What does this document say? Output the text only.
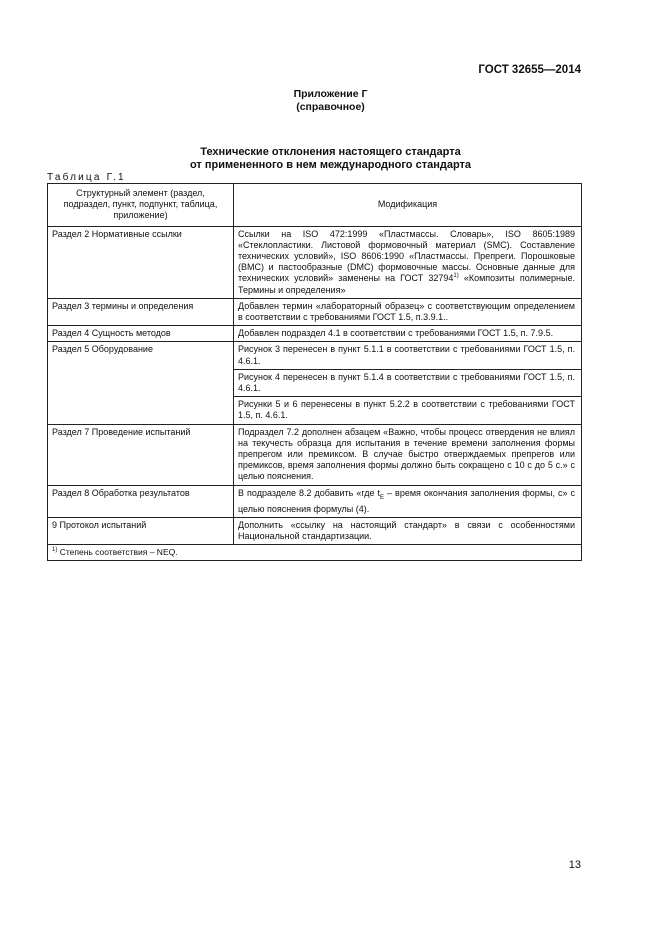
ГОСТ 32655—2014
Приложение Г
(справочное)
Технические отклонения настоящего стандарта
от примененного в нем международного стандарта
Таблица Г.1
Структурный элемент (раздел, подраздел, пункт, подпункт, таблица, приложение)	Модификация
Раздел 2 Нормативные ссылки	Ссылки на ISO 472:1999 «Пластмассы. Словарь», ISO 8605:1989 «Стеклопластики. Листовой формовочный материал (SMC). Составление технических условий», ISO 8606:1990 «Пластмассы. Препреги. Порошковые (BMC) и пастообразные (DMC) формовочные массы. Основные данные для технических условий» заменены на ГОСТ 32794$^{1)}$ «Композиты полимерные. Термины и определения»
Раздел 3 термины и определения	Добавлен термин «лабораторный образец» с соответствующим определением в соответствии с требованиями ГОСТ 1.5, п.3.9.1..
Раздел 4 Сущность методов	Добавлен подраздел 4.1 в соответствии с требованиями ГОСТ 1.5, п. 7.9.5.
Раздел 5 Оборудование	Рисунок 3 перенесен в пункт 5.1.1 в соответствии с требованиями ГОСТ 1.5, п. 4.6.1.
	Рисунок 4 перенесен в пункт 5.1.4 в соответствии с требованиями ГОСТ 1.5, п. 4.6.1.
	Рисунки 5 и 6 перенесены в пункт 5.2.2 в соответствии с требованиями ГОСТ 1.5, п. 4.6.1.
Раздел 7 Проведение испытаний	Подраздел 7.2 дополнен абзацем «Важно, чтобы процесс отвердения не влиял на текучесть образца для испытания в течение времени заполнения формы препрегом или премиксом. В случае быстро отверждаемых препрегов или премиксов, время заполнения формы должно быть сокращено с 10 с до 5 с.» с целью пояснения.
Раздел 8 Обработка результатов	В подразделе 8.2 добавить «где $t_E$ – время окончания заполнения формы, с» с целью пояснения формулы (4).
9 Протокол испытаний	Дополнить «ссылку на настоящий стандарт» в связи с особенностями Национальной стандартизации.
$^{1)}$ Степень соответствия – NEQ.	
13
